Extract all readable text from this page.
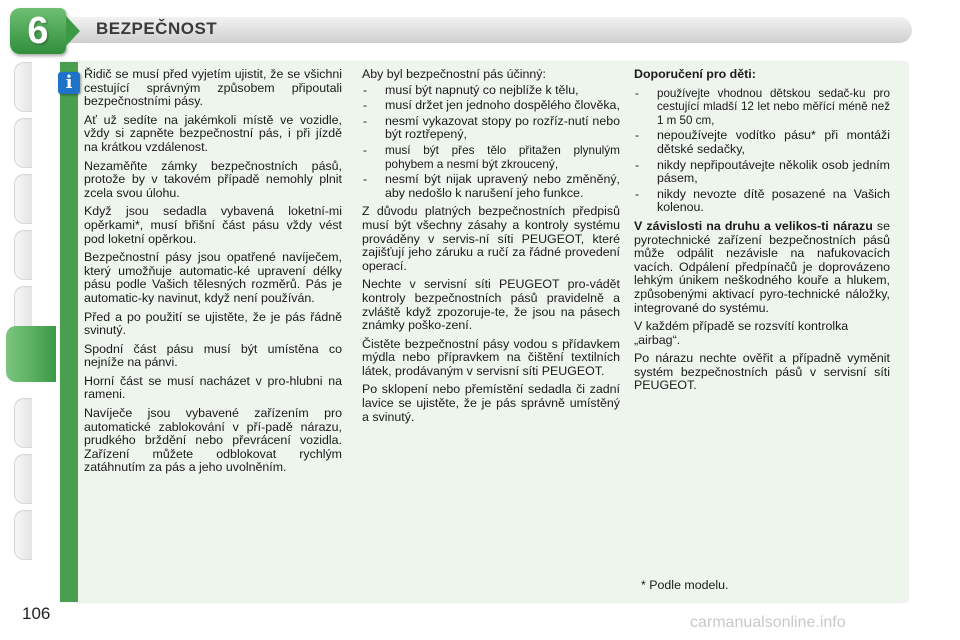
6	BEZPEČNOST
i Řidič se musí před vyjetím ujistit, že se všichni cestující správným způsobem připoutali bezpečnostními pásy.

Ať už sedíte na jakémkoli místě ve vozidle, vždy si zapněte bezpečnostní pás, i při jízdě na krátkou vzdálenost.

Nezaměňte zámky bezpečnostních pásů, protože by v takovém případě nemohly plnit zcela svou úlohu.

Když jsou sedadla vybavená loketní-mi opěrkami*, musí břišní část pásu vždy vést pod loketní opěrkou.

Bezpečnostní pásy jsou opatřené navíječem, který umožňuje automatic-ké upravení délky pásu podle Vašich tělesných rozměrů. Pás je automatic-ky navinut, když není používán.

Před a po použití se ujistěte, že je pás řádně svinutý.

Spodní část pásu musí být umístěna co nejníže na pánvi.

Horní část se musí nacházet v pro-hlubni na rameni.

Navíječe jsou vybavené zařízením pro automatické zablokování v pří-padě nárazu, prudkého brždění nebo převrácení vozidla. Zařízení můžete odblokovat rychlým zatáhnutím za pás a jeho uvolněním.

Aby byl bezpečnostní pás účinný:

- musí být napnutý co nejblíže k tělu,
- musí držet jen jednoho dospělého člověka,
- nesmí vykazovat stopy po rozříz-nutí nebo být roztřepený,
- musí být přes tělo přitažen plynulým pohybem a nesmí být zkroucený,
- nesmí být nijak upravený nebo změněný, aby nedošlo k narušení jeho funkce.

Z důvodu platných bezpečnostních předpisů musí být všechny zásahy a kontroly systému prováděny v servis-ní síti PEUGEOT, které zajišťují jeho záruku a ručí za řádné provedení operací.

Nechte v servisní síti PEUGEOT pro-vádět kontroly bezpečnostních pásů pravidelně a zvláště když zpozoruje-te, že jsou na pásech známky poško-zení.

Čistěte bezpečnostní pásy vodou s přídavkem mýdla nebo přípravkem na čištění textilních látek, prodávaným v servisní síti PEUGEOT.

Po sklopení nebo přemístění sedadla či zadní lavice se ujistěte, že je pás správně umístěný a svinutý.

Doporučení pro děti:

- používejte vhodnou dětskou sedač-ku pro cestující mladší 12 let nebo měřící méně než 1 m 50 cm,
- nepoužívejte vodítko pásu* při montáži dětské sedačky,
- nikdy nepřipoutávejte několik osob jedním pásem,
- nikdy nevozte dítě posazené na Vašich kolenou.

V závislosti na druhu a velikos-ti nárazu se pyrotechnické zařízení bezpečnostních pásů může odpálit nezávisle na nafukovacích vacích. Odpálení předpínačů je doprovázeno lehkým únikem neškodného kouře a hlukem, způsobenými aktivací pyro-technické náložky, integrované do systému.

V každém případě se rozsvítí kontrolka „airbag“.

Po nárazu nechte ověřit a případně vyměnit systém bezpečnostních pásů v servisní síti PEUGEOT.

* Podle modelu.
106	carmanualsonline.info
